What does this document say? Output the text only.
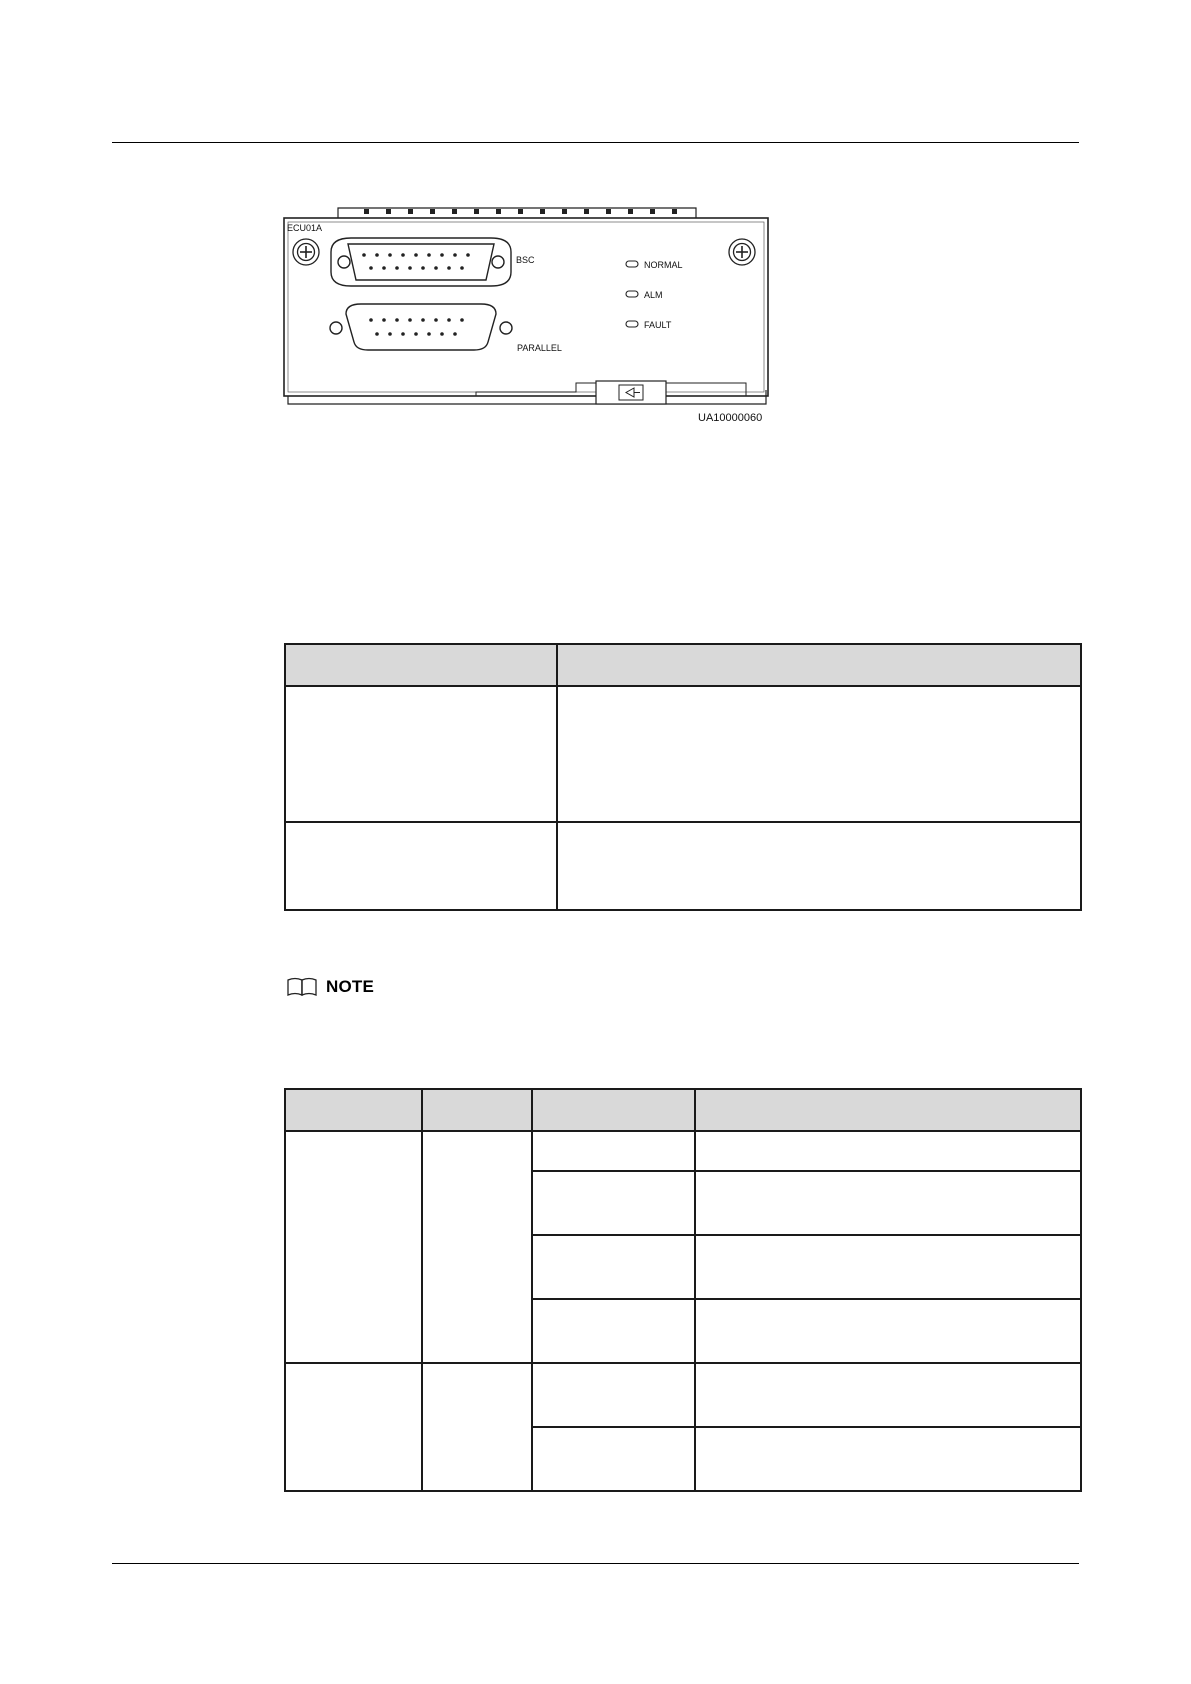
ECU01A
BSC
PARALLEL
NORMAL
ALM
FAULT
UA10000060

NOTE
